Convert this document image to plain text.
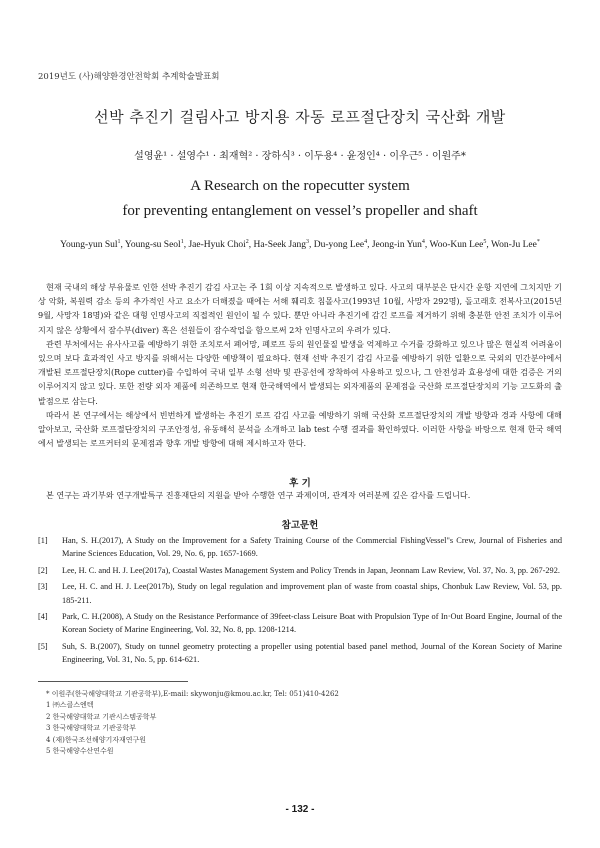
2019년도 (사)해양환경안전학회 추계학술발표회
선박 추진기 걸림사고 방지용 자동 로프절단장치 국산화 개발
설영윤¹ · 설영수¹ · 최재혁² · 장하식³ · 이두용⁴ · 윤정인⁴ · 이우근⁵ · 이원주*
A Research on the ropecutter system
for preventing entanglement on vessel’s propeller and shaft
Young-yun Sul$^1$, Young-su Seol$^1$, Jae-Hyuk Choi$^2$, Ha-Seek Jang$^3$, Du-yong Lee$^4$, Jeong-in Yun$^4$, Woo-Kun Lee$^5$, Won-Ju Lee*

현재 국내의 해상 부유물로 인한 선박 추진기 감김 사고는 주 1회 이상 지속적으로 발생하고 있다. 사고의 대부분은 단시간 운항 지연에 그치지만 기상 악화, 복원력 감소 등의 추가적인 사고 요소가 더해졌을 때에는 서해 훼리호 침몰사고(1993년 10월, 사망자 292명), 돌고래호 전복사고(2015년 9월, 사망자 18명)와 같은 대형 인명사고의 직접적인 원인이 될 수 있다. 뿐만 아니라 추진기에 감긴 로프를 제거하기 위해 충분한 안전 조치가 이루어지지 않은 상황에서 잠수부(diver) 혹은 선원들이 잠수작업을 함으로써 2차 인명사고의 우려가 있다.

관련 부처에서는 유사사고를 예방하기 위한 조치로서 폐어망, 폐로프 등의 원인물질 발생을 억제하고 수거를 강화하고 있으나 많은 현실적 어려움이 있으며 보다 효과적인 사고 방지를 위해서는 다양한 예방책이 필요하다. 현재 선박 추진기 감김 사고를 예방하기 위한 일환으로 국외의 민간분야에서 개발된 로프절단장치(Rope cutter)를 수입하여 국내 일부 소형 선박 및 관공선에 장착하여 사용하고 있으나, 그 안전성과 효용성에 대한 검증은 거의 이루어지지 않고 있다. 또한 전량 외자 제품에 의존하므로 현재 한국해역에서 발생되는 외자제품의 문제점을 국산화 로프절단장치의 기능 고도화의 출발점으로 삼는다.

따라서 본 연구에서는 해상에서 빈번하게 발생하는 추진기 로프 감김 사고를 예방하기 위해 국산화 로프절단장치의 개발 방향과 경과 사항에 대해 알아보고, 국산화 로프절단장치의 구조안정성, 유동해석 분석을 소개하고 lab test 수행 결과를 확인하였다. 이러한 사항을 바탕으로 현재 한국 해역에서 발생되는 로프커터의 문제점과 향후 개발 방향에 대해 제시하고자 한다.

후 기
본 연구는 과기부와 연구개발특구 진흥재단의 지원을 받아 수행한 연구 과제이며, 관계자 여러분께 깊은 감사를 드립니다.
참고문헌
[1] Han, S. H.(2017), A Study on the Improvement for a Safety Training Course of the Commercial FishingVessel"s Crew, Journal of Fisheries and Marine Sciences Education, Vol. 29, No. 6, pp. 1657-1669.
[2] Lee, H. C. and H. J. Lee(2017a), Coastal Wastes Management System and Policy Trends in Japan, Jeonnam Law Review, Vol. 37, No. 3, pp. 267-292.
[3] Lee, H. C. and H. J. Lee(2017b), Study on legal regulation and improvement plan of waste from coastal ships, Chonbuk Law Review, Vol. 53, pp. 185-211.
[4] Park, C. H.(2008), A Study on the Resistance Performance of 39feet-class Leisure Boat with Propulsion Type of In·Out Board Engine, Journal of the Korean Society of Marine Engineering, Vol. 32, No. 8, pp. 1208-1214.
[5] Suh, S. B.(2007), Study on tunnel geometry protecting a propeller using potential based panel method, Journal of the Korean Society of Marine Engineering, Vol. 31, No. 5, pp. 614-621.
* 이원주(한국해양대학교 기관공학부),E-mail: skywonju@kmou.ac.kr, Tel: 051)410-4262
1 ㈜스클스엔텍
2 한국해양대학교 기관시스템공학부
3 한국해양대학교 기관공학부
4 (재)한국조선해양기자재연구원
5 한국해양수산연수원
- 132 -
